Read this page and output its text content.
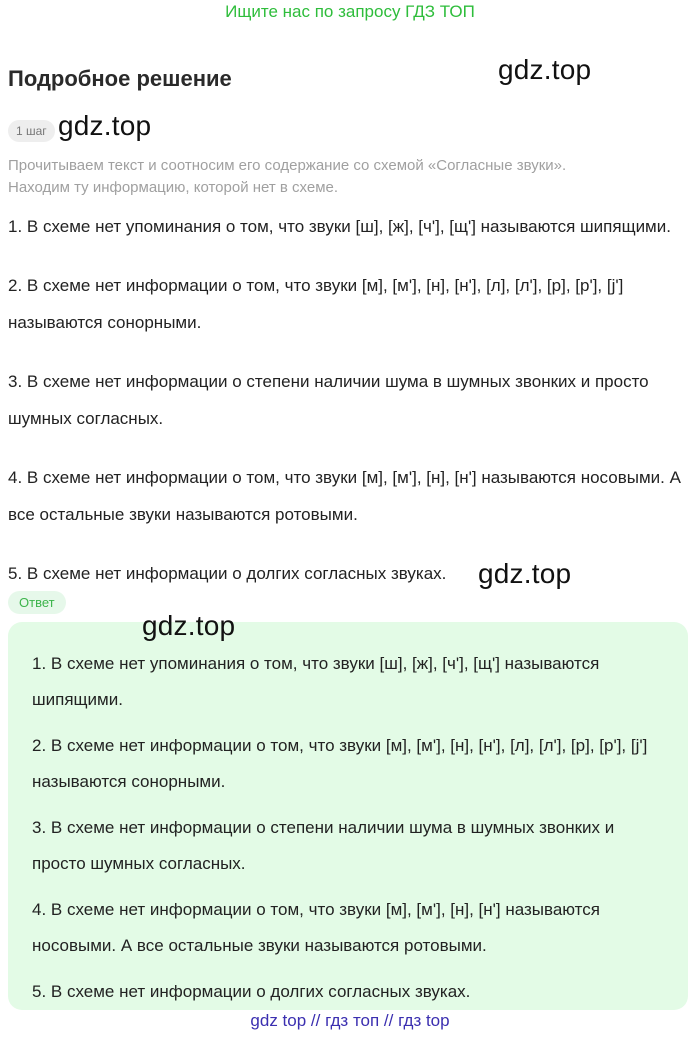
Ищите нас по запросу ГДЗ ТОП
Подробное решение	gdz.top
1 шаг gdz.top

Прочитываем текст и соотносим его содержание со схемой «Согласные звуки».

Находим ту информацию, которой нет в схеме.

1. В схеме нет упоминания о том, что звуки [ш], [ж], [ч'], [щ'] называются шипящими.

2. В схеме нет информации о том, что звуки [м], [м'], [н], [н'], [л], [л'], [р], [р'], [j'] называются сонорными.

3. В схеме нет информации о степени наличии шума в шумных звонких и просто шумных согласных.

4. В схеме нет информации о том, что звуки [м], [м'], [н], [н'] называются носовыми. А все остальные звуки называются ротовыми.

5. В схеме нет информации о долгих согласных звуках.	gdz.top
Ответ

1. В схеме нет упоминания о том, что звуки [ш], [ж], [ч'], [щ'] называются шипящими.

2. В схеме нет информации о том, что звуки [м], [м'], [н], [н'], [л], [л'], [р], [р'], [j'] называются сонорными.

3. В схеме нет информации о степени наличии шума в шумных звонких и просто шумных согласных.

4. В схеме нет информации о том, что звуки [м], [м'], [н], [н'] называются носовыми. А все остальные звуки называются ротовыми.

5. В схеме нет информации о долгих согласных звуках.

gdz.top
gdz top // гдз топ // гдз top
